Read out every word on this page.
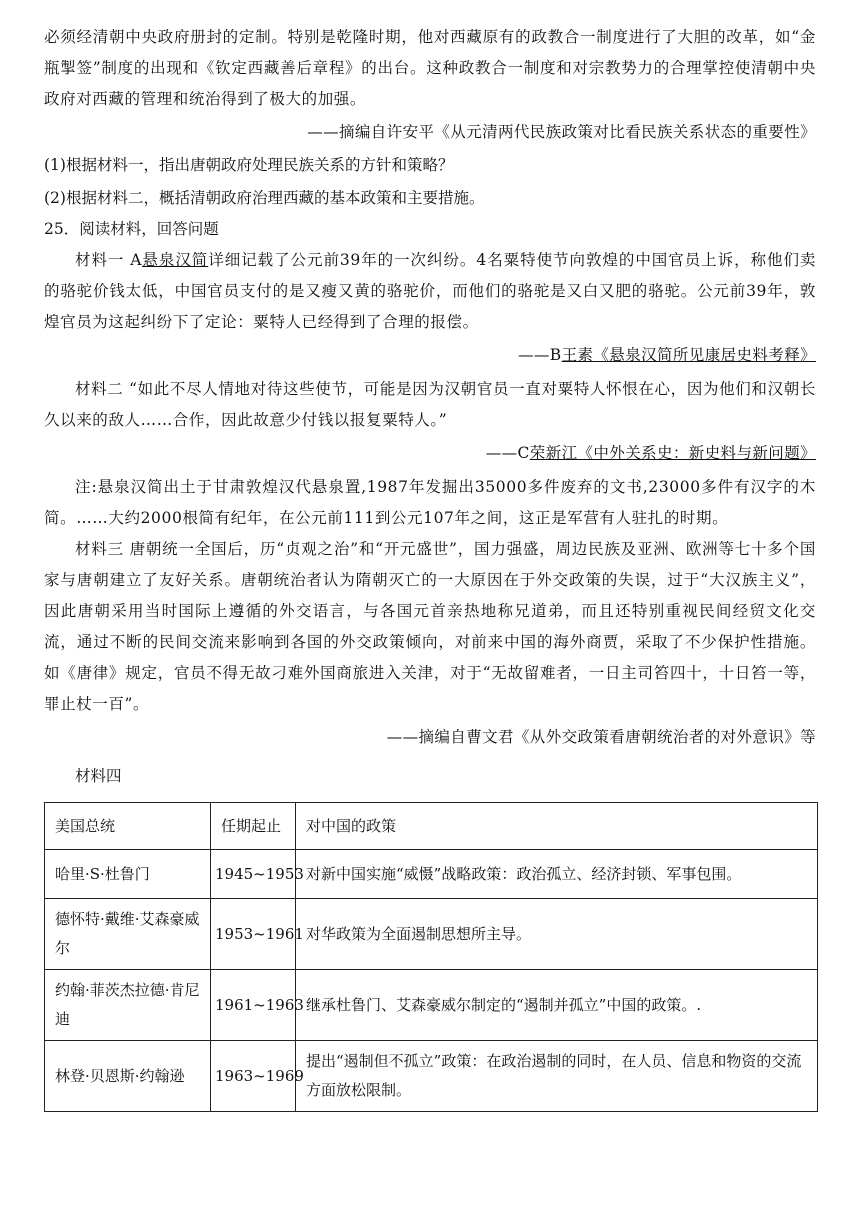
必须经清朝中央政府册封的定制。特别是乾隆时期，他对西藏原有的政教合一制度进行了大胆的改革，如“金瓶掣签”制度的出现和《钦定西藏善后章程》的出台。这种政教合一制度和对宗教势力的合理掌控使清朝中央政府对西藏的管理和统治得到了极大的加强。

——摘编自许安平《从元清两代民族政策对比看民族关系状态的重要性》

(1)根据材料一，指出唐朝政府处理民族关系的方针和策略？

(2)根据材料二，概括清朝政府治理西藏的基本政策和主要措施。

25．阅读材料，回答问题

材料一 A悬泉汉简详细记载了公元前39年的一次纠纷。4名粟特使节向敦煌的中国官员上诉，称他们卖的骆驼价钱太低，中国官员支付的是又瘦又黄的骆驼价，而他们的骆驼是又白又肥的骆驼。公元前39年，敦煌官员为这起纠纷下了定论：粟特人已经得到了合理的报偿。

——B王素《悬泉汉简所见康居史料考释》

材料二 “如此不尽人情地对待这些使节，可能是因为汉朝官员一直对粟特人怀恨在心，因为他们和汉朝长久以来的敌人……合作，因此故意少付钱以报复粟特人。”

——C荣新江《中外关系史：新史料与新问题》

注:悬泉汉简出土于甘肃敦煌汉代悬泉置,1987年发掘出35000多件废弃的文书,23000多件有汉字的木简。……大约2000根简有纪年，在公元前111到公元107年之间，这正是军营有人驻扎的时期。

材料三 唐朝统一全国后，历“贞观之治”和“开元盛世”，国力强盛，周边民族及亚洲、欧洲等七十多个国家与唐朝建立了友好关系。唐朝统治者认为隋朝灭亡的一大原因在于外交政策的失误，过于“大汉族主义”，因此唐朝采用当时国际上遵循的外交语言，与各国元首亲热地称兄道弟，而且还特别重视民间经贸文化交流，通过不断的民间交流来影响到各国的外交政策倾向，对前来中国的海外商贾，采取了不少保护性措施。如《唐律》规定，官员不得无故刁难外国商旅进入关津，对于“无故留难者，一日主司笞四十，十日笞一等，罪止杖一百”。

——摘编自曹文君《从外交政策看唐朝统治者的对外意识》等

材料四

美国总统	任期起止	对中国的政策
哈里·S·杜鲁门	1945~1953	对新中国实施“威慑”战略政策：政治孤立、经济封锁、军事包围。
德怀特·戴维·艾森豪威尔	1953~1961	对华政策为全面遏制思想所主导。
约翰·菲茨杰拉德·肯尼迪	1961~1963	继承杜鲁门、艾森豪威尔制定的“遏制并孤立”中国的政策。.
林登·贝恩斯·约翰逊	1963~1969	提出“遏制但不孤立”政策：在政治遏制的同时，在人员、信息和物资的交流方面放松限制。
